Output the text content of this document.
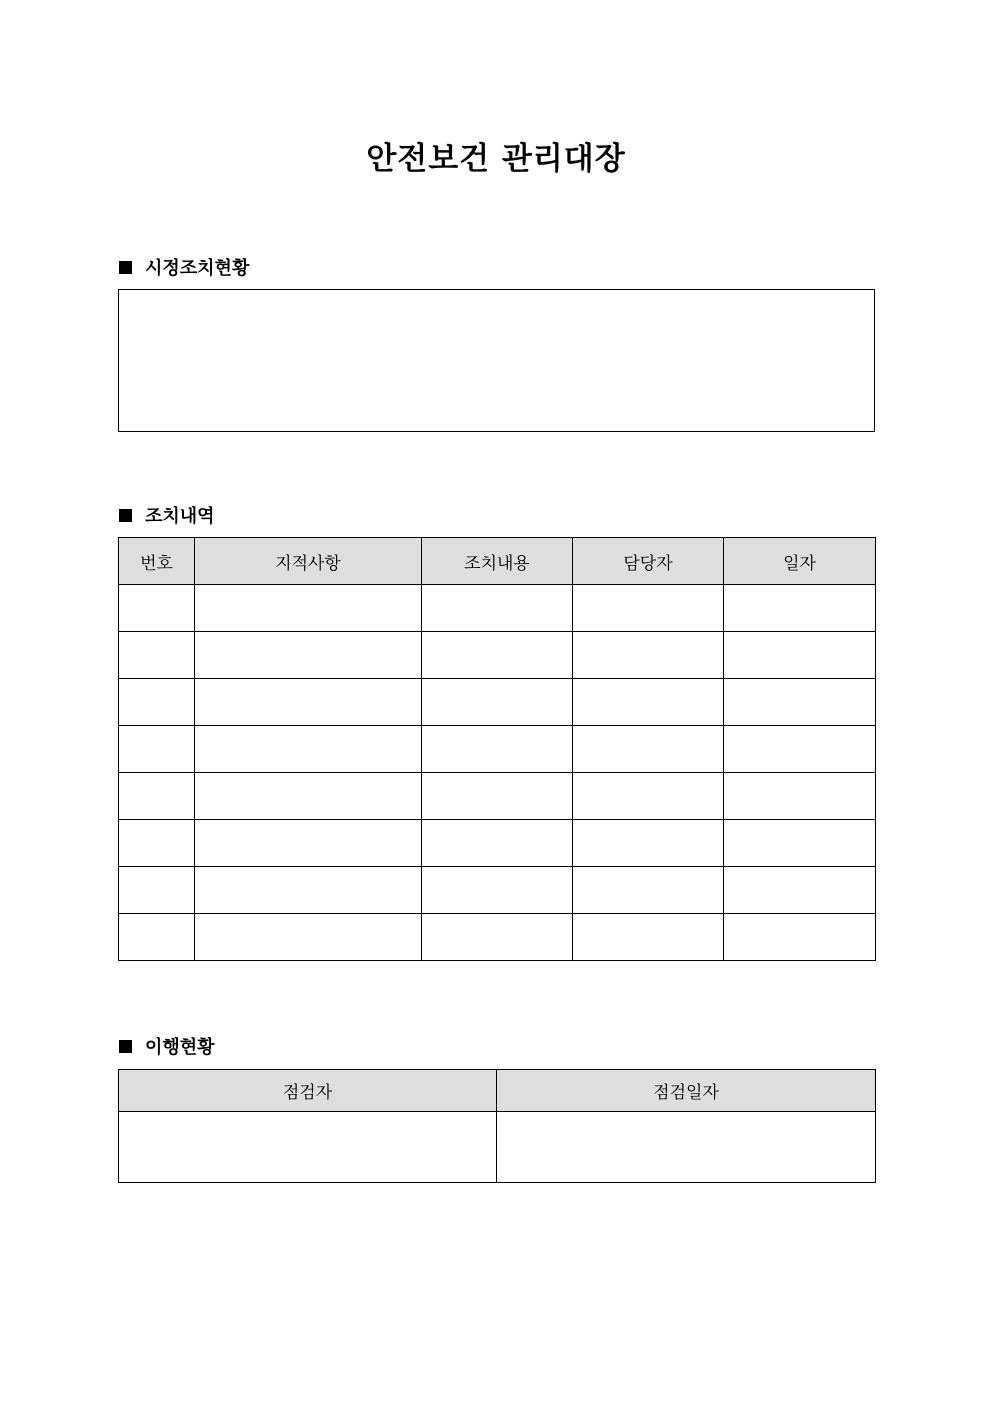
안전보건 관리대장
시정조치현황
조치내역
번호	지적사항	조치내용	담당자	일자

이행현황
점검자	점검일자
